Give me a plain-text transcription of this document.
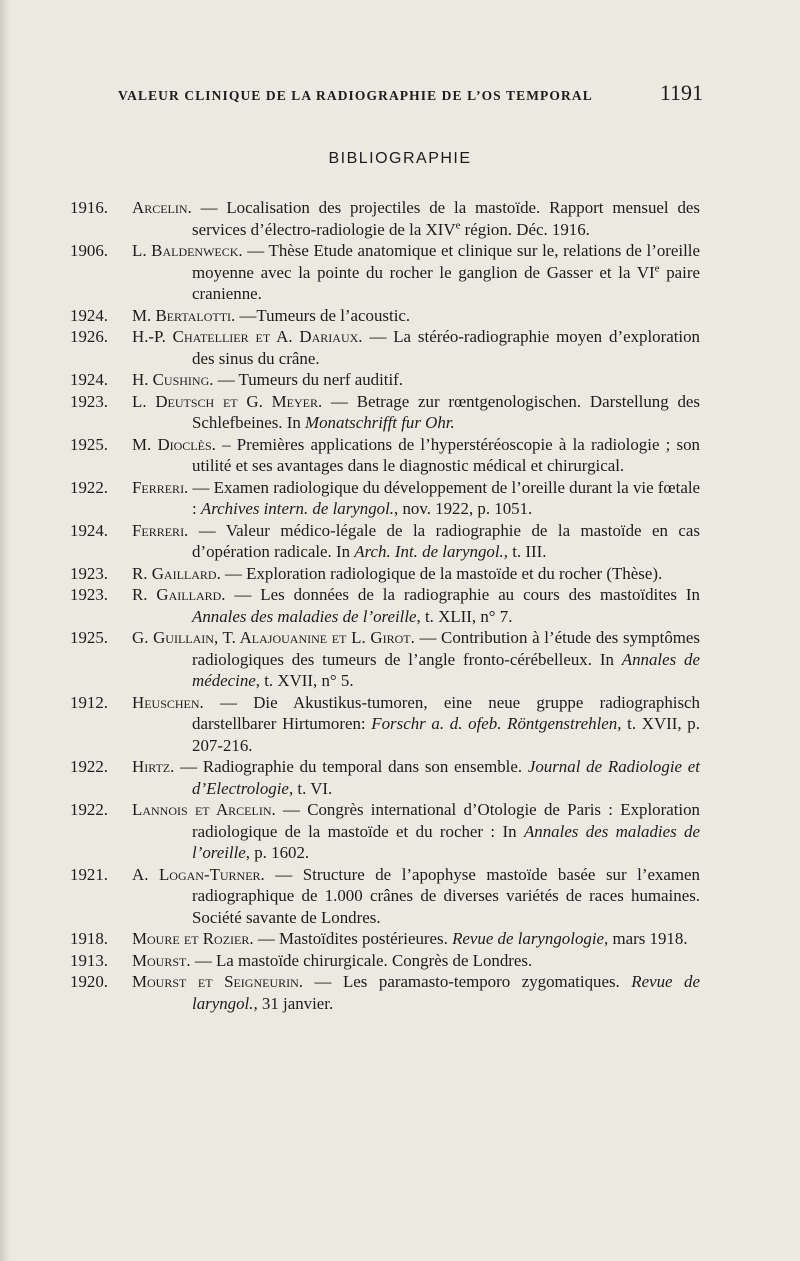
VALEUR CLINIQUE DE LA RADIOGRAPHIE DE L’OS TEMPORAL	1191
BIBLIOGRAPHIE
1916.	Arcelin. — Localisation des projectiles de la mastoïde. Rapport mensuel des services d’électro-radiologie de la XIVe région. Déc. 1916.
1906.	L. Baldenweck. — Thèse Etude anatomique et clinique sur le, relations de l’oreille moyenne avec la pointe du rocher le ganglion de Gasser et la VIe paire cranienne.
1924.	M. Bertalotti. —Tumeurs de l’acoustic.
1926.	H.-P. Chatellier et A. Dariaux. — La stéréo-radiographie moyen d’exploration des sinus du crâne.
1924.	H. Cushing. — Tumeurs du nerf auditif.
1923.	L. Deutsch et G. Meyer. — Betrage zur rœntgenologischen. Darstellung des Schlefbeines. In Monatschrifft fur Ohr.
1925.	M. Dioclès. – Premières applications de l’hyperstéréoscopie à la radiologie ; son utilité et ses avantages dans le diagnostic médical et chirurgical.
1922.	Ferreri. — Examen radiologique du développement de l’oreille durant la vie fœtale : Archives intern. de laryngol., nov. 1922, p. 1051.
1924.	Ferreri. — Valeur médico-légale de la radiographie de la mastoïde en cas d’opération radicale. In Arch. Int. de laryngol., t. III.
1923.	R. Gaillard. — Exploration radiologique de la mastoïde et du rocher (Thèse).
1923.	R. Gaillard. — Les données de la radiographie au cours des mastoïdites In Annales des maladies de l’oreille, t. XLII, n° 7.
1925.	G. Guillain, T. Alajouanine et L. Girot. — Contribution à l’étude des symptômes radiologiques des tumeurs de l’angle fronto-cérébelleux. In Annales de médecine, t. XVII, n° 5.
1912.	Heuschen. — Die Akustikus-tumoren, eine neue gruppe radiographisch darstellbarer Hirtumoren: Forschr a. d. ofeb. Röntgenstrehlen, t. XVII, p. 207-216.
1922.	Hirtz. — Radiographie du temporal dans son ensemble. Journal de Radiologie et d’Electrologie, t. VI.
1922.	Lannois et Arcelin. — Congrès international d’Otologie de Paris : Exploration radiologique de la mastoïde et du rocher : In Annales des maladies de l’oreille, p. 1602.
1921.	A. Logan-Turner. — Structure de l’apophyse mastoïde basée sur l’examen radiographique de 1.000 crânes de diverses variétés de races humaines. Société savante de Londres.
1918.	Moure et Rozier. — Mastoïdites postérieures. Revue de laryngologie, mars 1918.
1913.	Mourst. — La mastoïde chirurgicale. Congrès de Londres.
1920.	Mourst et Seigneurin. — Les paramasto-temporo zygomatiques. Revue de laryngol., 31 janvier.
